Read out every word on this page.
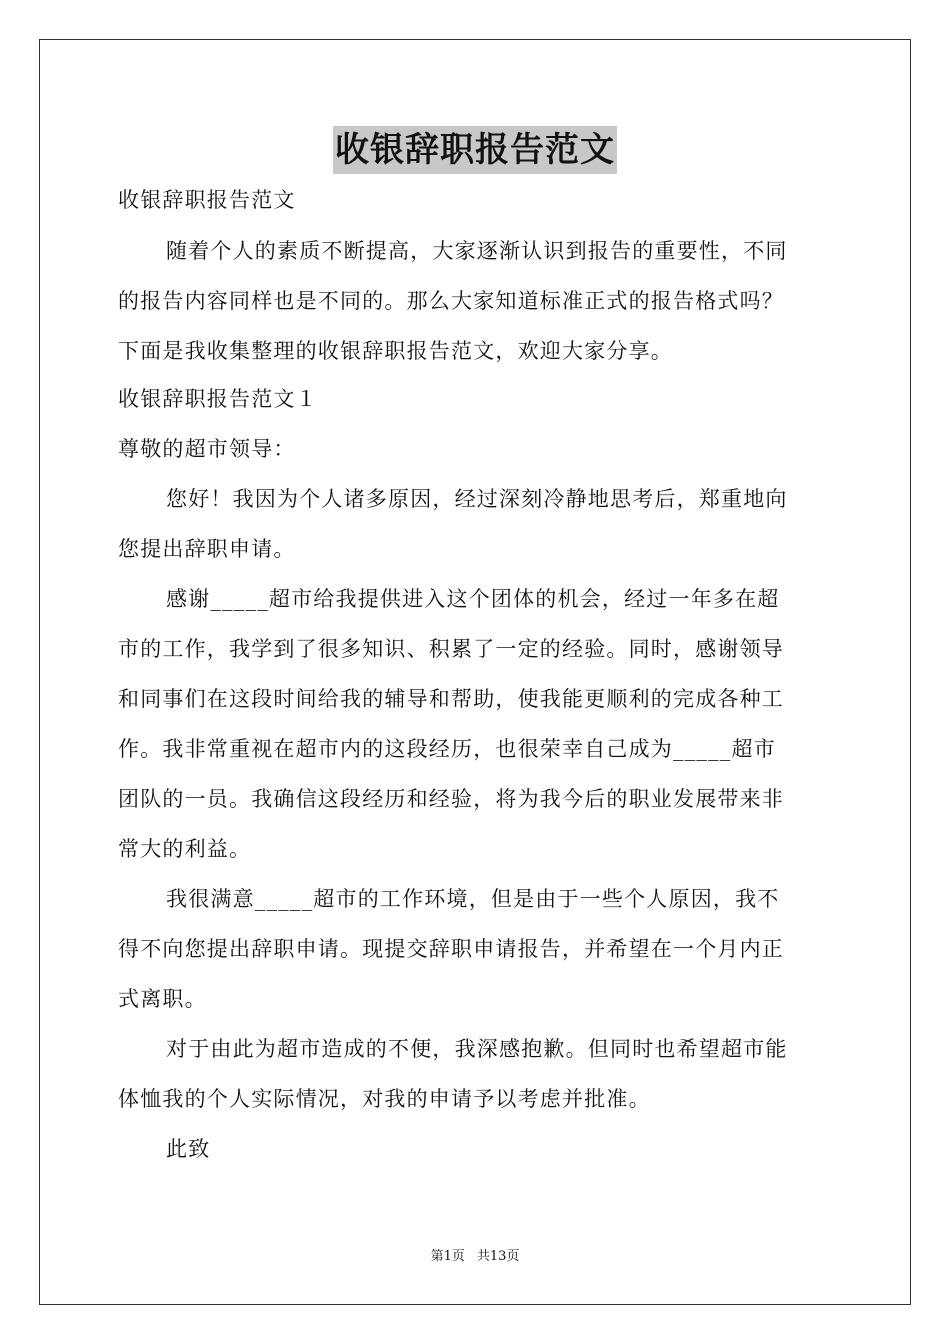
收银辞职报告范文
收银辞职报告范文
随着个人的素质不断提高，大家逐渐认识到报告的重要性，不同
的报告内容同样也是不同的。那么大家知道标准正式的报告格式吗？
下面是我收集整理的收银辞职报告范文，欢迎大家分享。
收银辞职报告范文１
尊敬的超市领导：
您好！我因为个人诸多原因，经过深刻冷静地思考后，郑重地向
您提出辞职申请。
感谢_____超市给我提供进入这个团体的机会，经过一年多在超
市的工作，我学到了很多知识、积累了一定的经验。同时，感谢领导
和同事们在这段时间给我的辅导和帮助，使我能更顺利的完成各种工
作。我非常重视在超市内的这段经历，也很荣幸自己成为_____超市
团队的一员。我确信这段经历和经验，将为我今后的职业发展带来非
常大的利益。
我很满意_____超市的工作环境，但是由于一些个人原因，我不
得不向您提出辞职申请。现提交辞职申请报告，并希望在一个月内正
式离职。
对于由此为超市造成的不便，我深感抱歉。但同时也希望超市能
体恤我的个人实际情况，对我的申请予以考虑并批准。
此致
第1页 共13页
